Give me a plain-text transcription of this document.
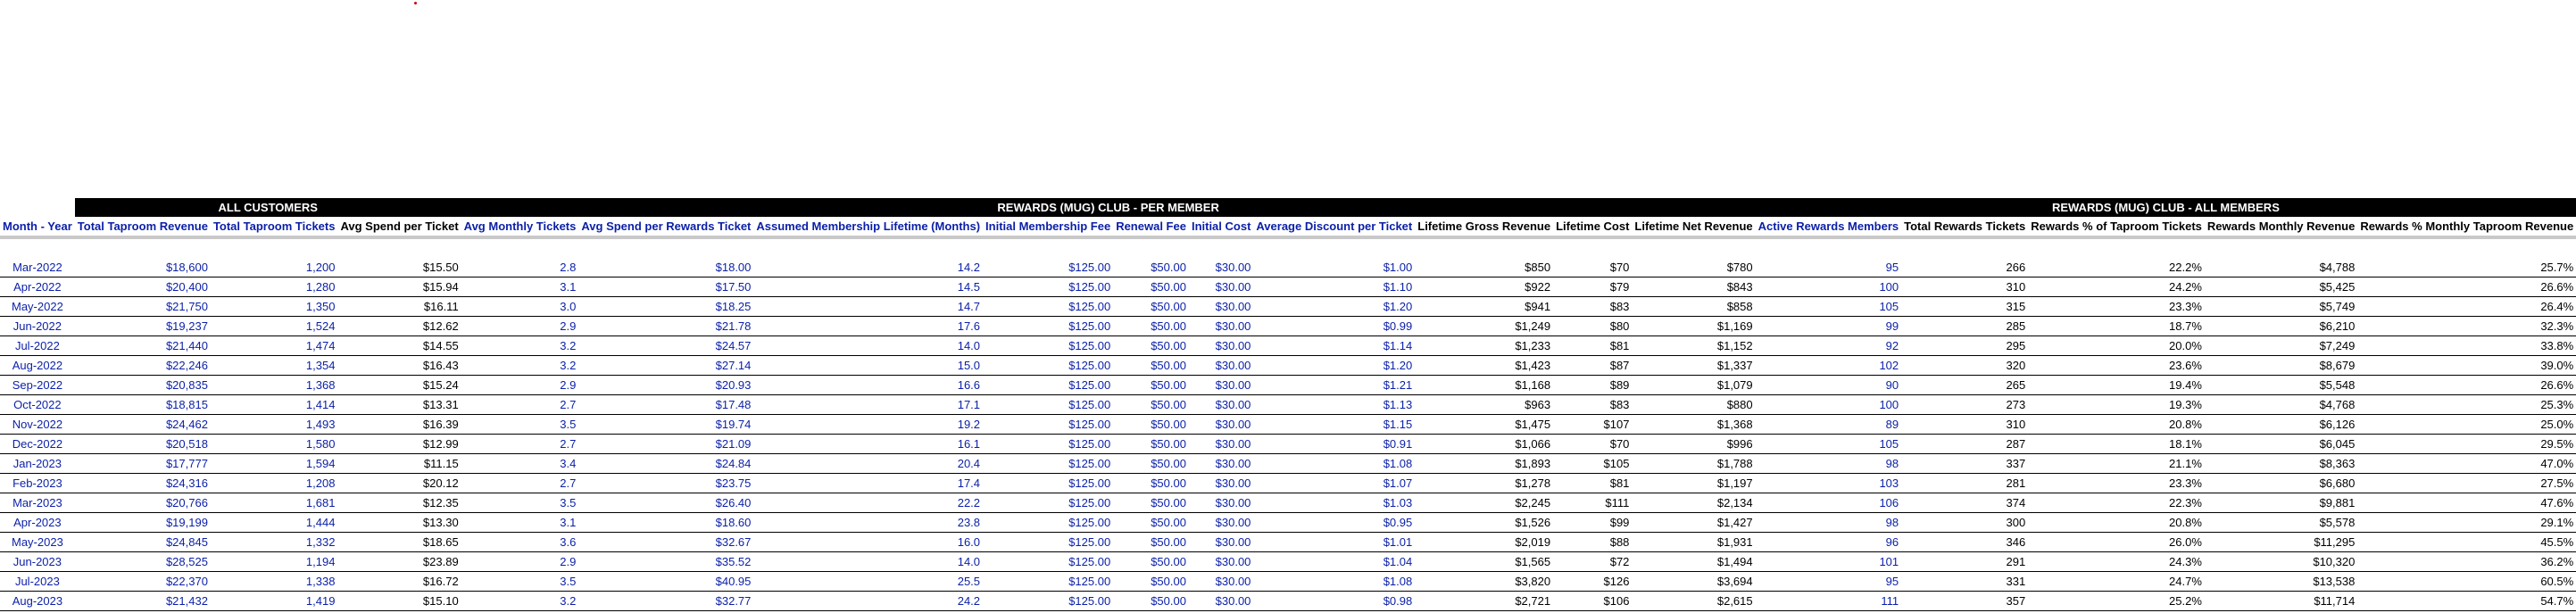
	ALL CUSTOMERS			REWARDS (MUG) CLUB - PER MEMBER										REWARDS (MUG) CLUB - ALL MEMBERS				
Month - Year	Total Taproom Revenue	Total Taproom Tickets	Avg Spend per Ticket		Avg Monthly Tickets	Avg Spend per Rewards Ticket	Assumed Membership Lifetime (Months)	Initial Membership Fee	Renewal Fee	Initial Cost	Average Discount per Ticket	Lifetime Gross Revenue	Lifetime Cost	Lifetime Net Revenue		Active Rewards Members	Total Rewards Tickets	Rewards % of Taproom Tickets	Rewards Monthly Revenue	Rewards % Monthly Taproom Revenue

Mar-2022	$18,600	1,200	$15.50		2.8	$18.00	14.2	$125.00	$50.00	$30.00	$1.00	$850	$70	$780		95	266	22.2%	$4,788	25.7%
Apr-2022	$20,400	1,280	$15.94		3.1	$17.50	14.5	$125.00	$50.00	$30.00	$1.10	$922	$79	$843		100	310	24.2%	$5,425	26.6%
May-2022	$21,750	1,350	$16.11		3.0	$18.25	14.7	$125.00	$50.00	$30.00	$1.20	$941	$83	$858		105	315	23.3%	$5,749	26.4%
Jun-2022	$19,237	1,524	$12.62		2.9	$21.78	17.6	$125.00	$50.00	$30.00	$0.99	$1,249	$80	$1,169		99	285	18.7%	$6,210	32.3%
Jul-2022	$21,440	1,474	$14.55		3.2	$24.57	14.0	$125.00	$50.00	$30.00	$1.14	$1,233	$81	$1,152		92	295	20.0%	$7,249	33.8%
Aug-2022	$22,246	1,354	$16.43		3.2	$27.14	15.0	$125.00	$50.00	$30.00	$1.20	$1,423	$87	$1,337		102	320	23.6%	$8,679	39.0%
Sep-2022	$20,835	1,368	$15.24		2.9	$20.93	16.6	$125.00	$50.00	$30.00	$1.21	$1,168	$89	$1,079		90	265	19.4%	$5,548	26.6%
Oct-2022	$18,815	1,414	$13.31		2.7	$17.48	17.1	$125.00	$50.00	$30.00	$1.13	$963	$83	$880		100	273	19.3%	$4,768	25.3%
Nov-2022	$24,462	1,493	$16.39		3.5	$19.74	19.2	$125.00	$50.00	$30.00	$1.15	$1,475	$107	$1,368		89	310	20.8%	$6,126	25.0%
Dec-2022	$20,518	1,580	$12.99		2.7	$21.09	16.1	$125.00	$50.00	$30.00	$0.91	$1,066	$70	$996		105	287	18.1%	$6,045	29.5%
Jan-2023	$17,777	1,594	$11.15		3.4	$24.84	20.4	$125.00	$50.00	$30.00	$1.08	$1,893	$105	$1,788		98	337	21.1%	$8,363	47.0%
Feb-2023	$24,316	1,208	$20.12		2.7	$23.75	17.4	$125.00	$50.00	$30.00	$1.07	$1,278	$81	$1,197		103	281	23.3%	$6,680	27.5%
Mar-2023	$20,766	1,681	$12.35		3.5	$26.40	22.2	$125.00	$50.00	$30.00	$1.03	$2,245	$111	$2,134		106	374	22.3%	$9,881	47.6%
Apr-2023	$19,199	1,444	$13.30		3.1	$18.60	23.8	$125.00	$50.00	$30.00	$0.95	$1,526	$99	$1,427		98	300	20.8%	$5,578	29.1%
May-2023	$24,845	1,332	$18.65		3.6	$32.67	16.0	$125.00	$50.00	$30.00	$1.01	$2,019	$88	$1,931		96	346	26.0%	$11,295	45.5%
Jun-2023	$28,525	1,194	$23.89		2.9	$35.52	14.0	$125.00	$50.00	$30.00	$1.04	$1,565	$72	$1,494		101	291	24.3%	$10,320	36.2%
Jul-2023	$22,370	1,338	$16.72		3.5	$40.95	25.5	$125.00	$50.00	$30.00	$1.08	$3,820	$126	$3,694		95	331	24.7%	$13,538	60.5%
Aug-2023	$21,432	1,419	$15.10		3.2	$32.77	24.2	$125.00	$50.00	$30.00	$0.98	$2,721	$106	$2,615		111	357	25.2%	$11,714	54.7%
